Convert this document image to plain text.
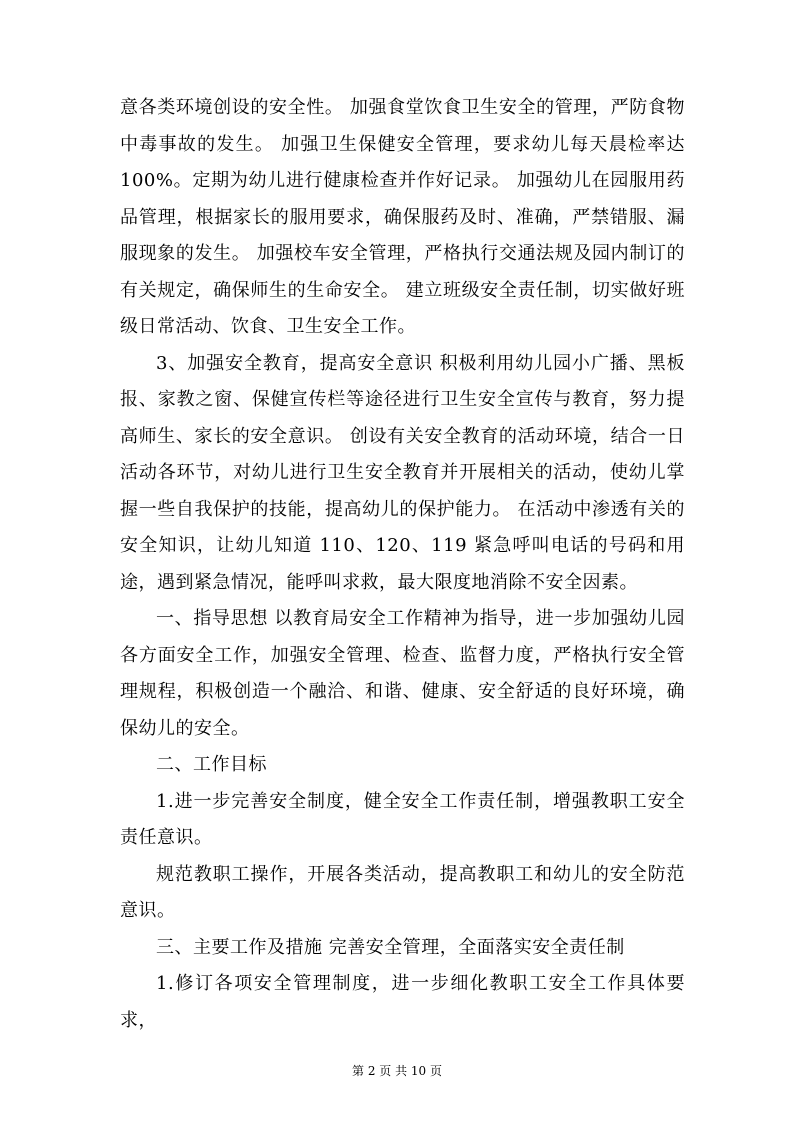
意各类环境创设的安全性。 加强食堂饮食卫生安全的管理，严防食物中毒事故的发生。 加强卫生保健安全管理，要求幼儿每天晨检率达 100%。定期为幼儿进行健康检查并作好记录。 加强幼儿在园服用药品管理，根据家长的服用要求，确保服药及时、准确，严禁错服、漏服现象的发生。 加强校车安全管理，严格执行交通法规及园内制订的有关规定，确保师生的生命安全。 建立班级安全责任制，切实做好班级日常活动、饮食、卫生安全工作。

3、加强安全教育，提高安全意识 积极利用幼儿园小广播、黑板报、家教之窗、保健宣传栏等途径进行卫生安全宣传与教育，努力提高师生、家长的安全意识。 创设有关安全教育的活动环境，结合一日活动各环节，对幼儿进行卫生安全教育并开展相关的活动，使幼儿掌握一些自我保护的技能，提高幼儿的保护能力。 在活动中渗透有关的安全知识，让幼儿知道 110、120、119 紧急呼叫电话的号码和用途，遇到紧急情况，能呼叫求救，最大限度地消除不安全因素。

一、指导思想 以教育局安全工作精神为指导，进一步加强幼儿园各方面安全工作，加强安全管理、检查、监督力度，严格执行安全管理规程，积极创造一个融洽、和谐、健康、安全舒适的良好环境，确保幼儿的安全。

二、工作目标

1.进一步完善安全制度，健全安全工作责任制，增强教职工安全责任意识。

规范教职工操作，开展各类活动，提高教职工和幼儿的安全防范意识。

三、主要工作及措施 完善安全管理，全面落实安全责任制

1.修订各项安全管理制度，进一步细化教职工安全工作具体要求，

第 2 页 共 10 页
